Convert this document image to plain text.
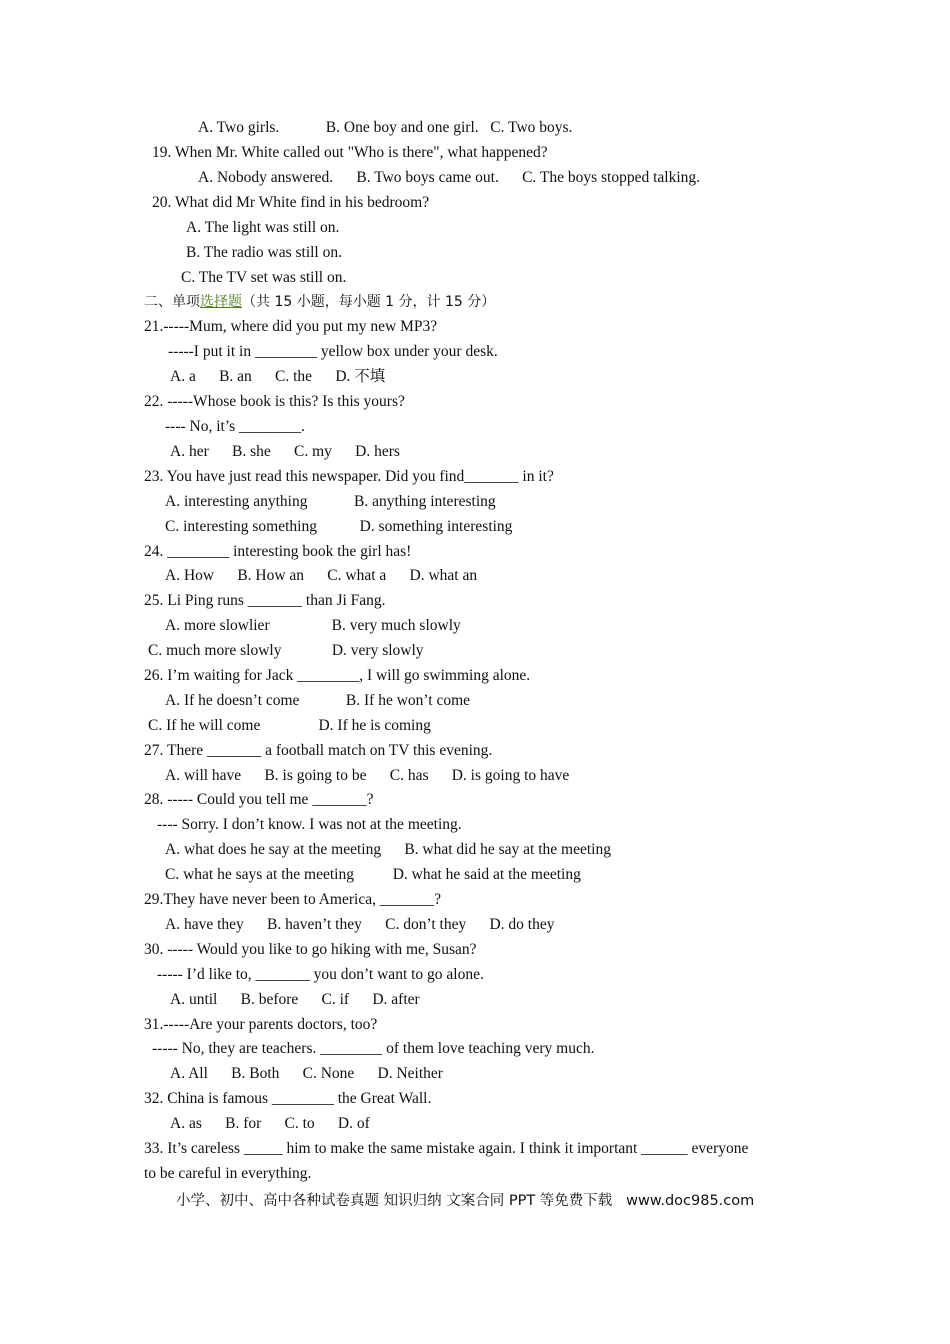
A. Two girls.            B. One boy and one girl.   C. Two boys.

19. When Mr. White called out "Who is there", what happened?

A. Nobody answered.      B. Two boys came out.      C. The boys stopped talking.

20. What did Mr White find in his bedroom?

A. The light was still on.

B. The radio was still on.

C. The TV set was still on.

二、单项选择题（共 15 小题，每小题 1 分，计 15 分）

21.-----Mum, where did you put my new MP3?

-----I put it in ________ yellow box under your desk.

A. a      B. an      C. the      D. 不填

22. -----Whose book is this? Is this yours?

---- No, it’s ________.

A. her      B. she      C. my      D. hers

23. You have just read this newspaper. Did you find_______ in it?

A. interesting anything            B. anything interesting

C. interesting something           D. something interesting

24. ________ interesting book the girl has!

A. How      B. How an      C. what a      D. what an

25. Li Ping runs _______ than Ji Fang.

A. more slowlier                B. very much slowly

C. much more slowly             D. very slowly

26. I’m waiting for Jack ________, I will go swimming alone.

A. If he doesn’t come            B. If he won’t come

C. If he will come               D. If he is coming

27. There _______ a football match on TV this evening.

A. will have      B. is going to be      C. has      D. is going to have

28. ----- Could you tell me _______?

---- Sorry. I don’t know. I was not at the meeting.

A. what does he say at the meeting      B. what did he say at the meeting

C. what he says at the meeting          D. what he said at the meeting

29.They have never been to America, _______?

A. have they      B. haven’t they      C. don’t they      D. do they

30. ----- Would you like to go hiking with me, Susan?

----- I’d like to, _______ you don’t want to go alone.

A. until      B. before      C. if      D. after

31.-----Are your parents doctors, too?

----- No, they are teachers. ________ of them love teaching very much.

A. All      B. Both      C. None      D. Neither

32. China is famous ________ the Great Wall.

A. as      B. for      C. to      D. of

33. It’s careless _____ him to make the same mistake again. I think it important ______ everyone

to be careful in everything.

小学、初中、高中各种试卷真题 知识归纳 文案合同 PPT 等免费下载   www.doc985.com
